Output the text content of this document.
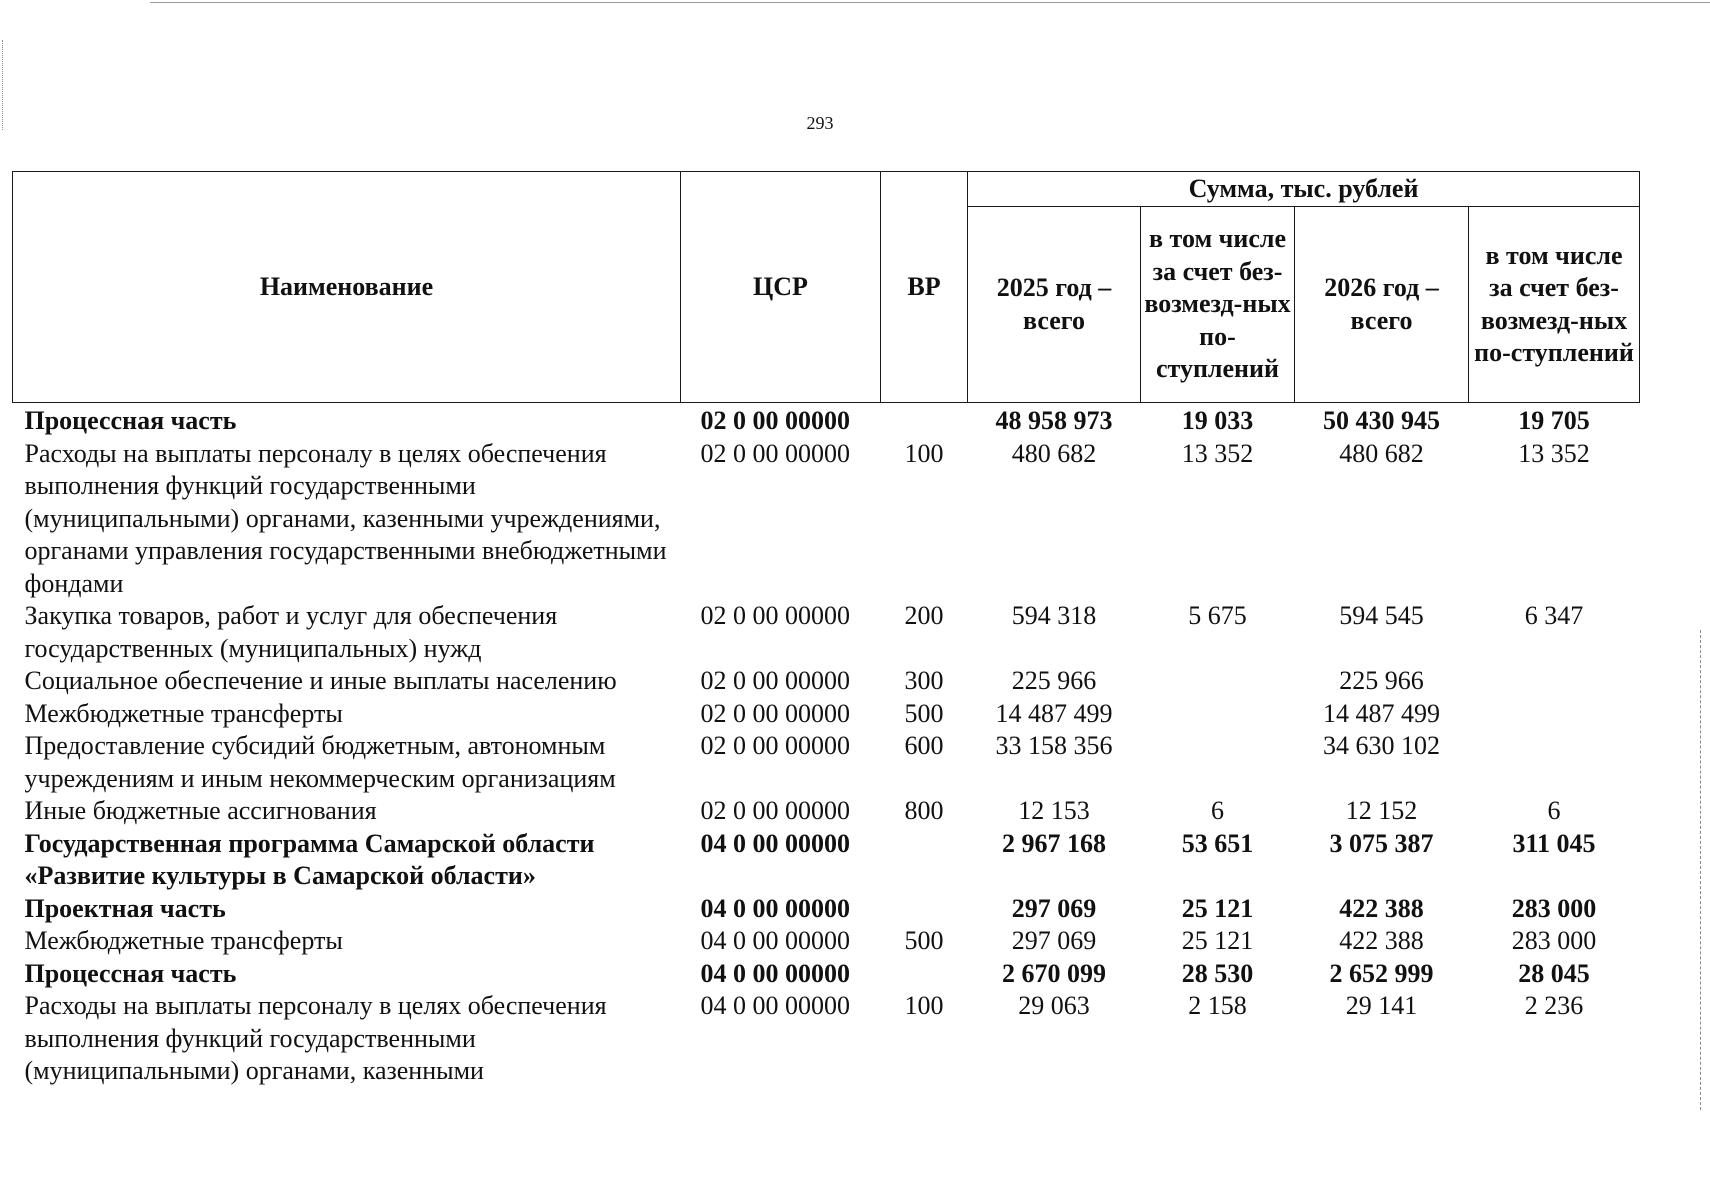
293
Наименование	ЦСР	ВР	Сумма, тыс. рублей			
			2025 год – всего	в том числе за счет без-возмезд-ных по-ступлений	2026 год – всего	в том числе за счет без-возмезд-ных по-ступлений
Процессная часть	02 0 00 00000		48 958 973	19 033	50 430 945	19 705
Расходы на выплаты персоналу в целях обеспечения выполнения функций государственными (муниципальными) органами, казенными учреждениями, органами управления государственными внебюджетными фондами	02 0 00 00000	100	480 682	13 352	480 682	13 352
Закупка товаров, работ и услуг для обеспечения государственных (муниципальных) нужд	02 0 00 00000	200	594 318	5 675	594 545	6 347
Социальное обеспечение и иные выплаты населению	02 0 00 00000	300	225 966		225 966	
Межбюджетные трансферты	02 0 00 00000	500	14 487 499		14 487 499	
Предоставление субсидий бюджетным, автономным учреждениям и иным некоммерческим организациям	02 0 00 00000	600	33 158 356		34 630 102	
Иные бюджетные ассигнования	02 0 00 00000	800	12 153	6	12 152	6
Государственная программа Самарской области «Развитие культуры в Самарской области»	04 0 00 00000		2 967 168	53 651	3 075 387	311 045
Проектная часть	04 0 00 00000		297 069	25 121	422 388	283 000
Межбюджетные трансферты	04 0 00 00000	500	297 069	25 121	422 388	283 000
Процессная часть	04 0 00 00000		2 670 099	28 530	2 652 999	28 045
Расходы на выплаты персоналу в целях обеспечения выполнения функций государственными (муниципальными) органами, казенными	04 0 00 00000	100	29 063	2 158	29 141	2 236
